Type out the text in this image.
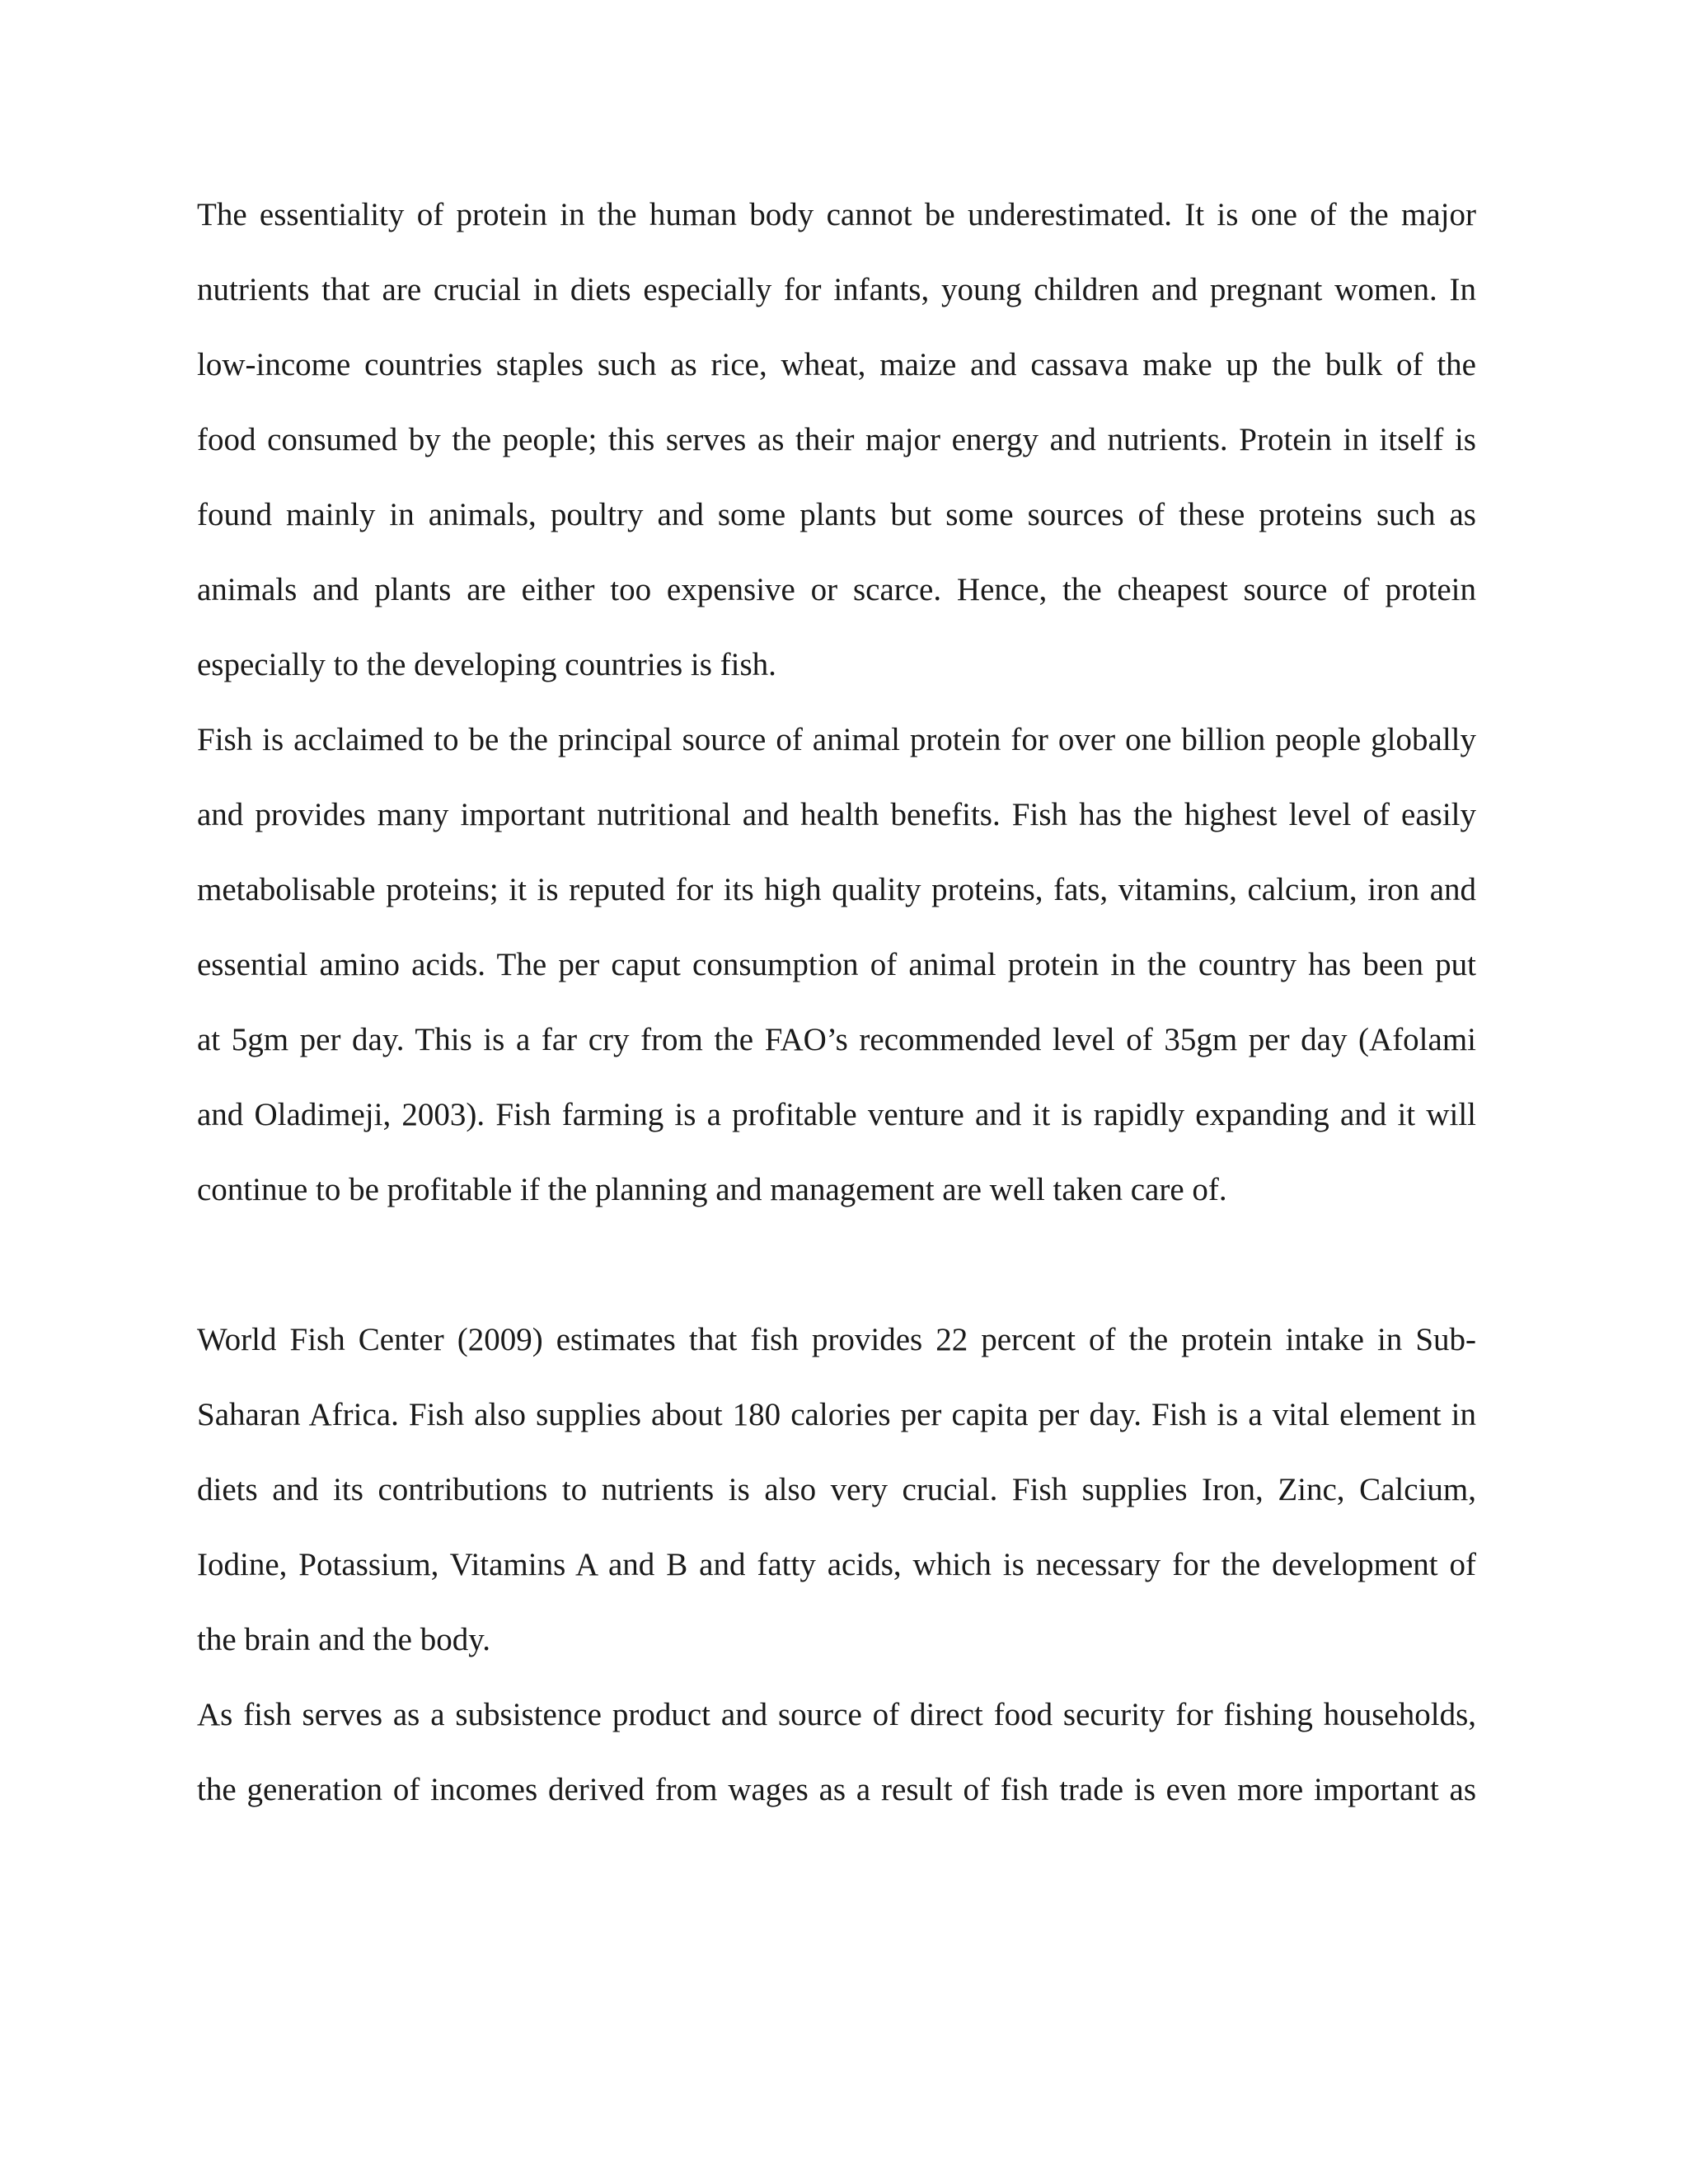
The essentiality of protein in the human body cannot be underestimated. It is one of the major

nutrients that are crucial in diets especially for infants, young children and pregnant women. In

low-income countries staples such as rice, wheat, maize and cassava make up the bulk of the

food consumed by the people; this serves as their major energy and nutrients. Protein in itself is

found mainly in animals, poultry and some plants but some sources of these proteins such as

animals and plants are either too expensive or scarce. Hence, the cheapest source of protein

especially to the developing countries is fish.

Fish is acclaimed to be the principal source of animal protein for over one billion people globally

and provides many important nutritional and health benefits. Fish has the highest level of easily

metabolisable proteins; it is reputed for its high quality proteins, fats, vitamins, calcium, iron and

essential amino acids. The per caput consumption of animal protein in the country has been put

at 5gm per day. This is a far cry from the FAO’s recommended level of 35gm per day (Afolami

and Oladimeji, 2003). Fish farming is a profitable venture and it is rapidly expanding and it will

continue to be profitable if the planning and management are well taken care of.

World Fish Center (2009) estimates that fish provides 22 percent of the protein intake in Sub-

Saharan Africa. Fish also supplies about 180 calories per capita per day. Fish is a vital element in

diets and its contributions to nutrients is also very crucial. Fish supplies Iron, Zinc, Calcium,

Iodine, Potassium, Vitamins A and B and fatty acids, which is necessary for the development of

the brain and the body.

As fish serves as a subsistence product and source of direct food security for fishing households,

the generation of incomes derived from wages as a result of fish trade is even more important as
